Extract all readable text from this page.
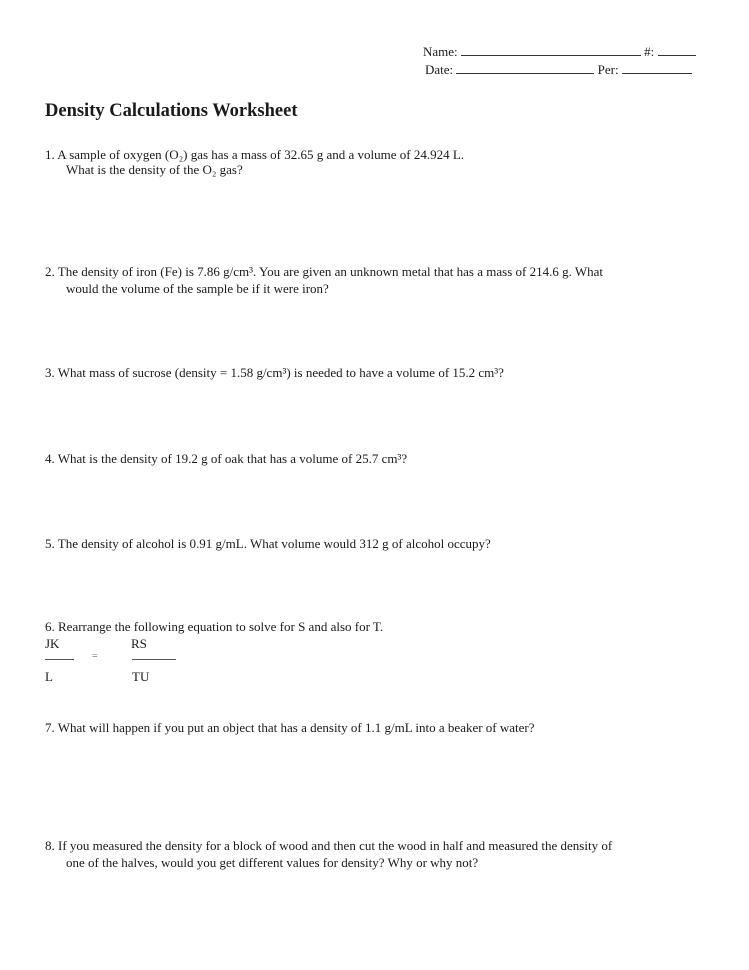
Name:	#:
Date:	Per:
Density Calculations Worksheet
1. A sample of oxygen (O₂) gas has a mass of 32.65 g and a volume of 24.924 L.
What is the density of the O₂ gas?
2. The density of iron (Fe) is 7.86 g/cm³. You are given an unknown metal that has a mass of 214.6 g. What
would the volume of the sample be if it were iron?
3. What mass of sucrose (density = 1.58 g/cm³) is needed to have a volume of 15.2 cm³?
4. What is the density of 19.2 g of oak that has a volume of 25.7 cm³?
5. The density of alcohol is 0.91 g/mL. What volume would 312 g of alcohol occupy?
6. Rearrange the following equation to solve for S and also for T.
JK	RS
=
L	TU
7. What will happen if you put an object that has a density of 1.1 g/mL into a beaker of water?
8. If you measured the density for a block of wood and then cut the wood in half and measured the density of
one of the halves, would you get different values for density? Why or why not?
